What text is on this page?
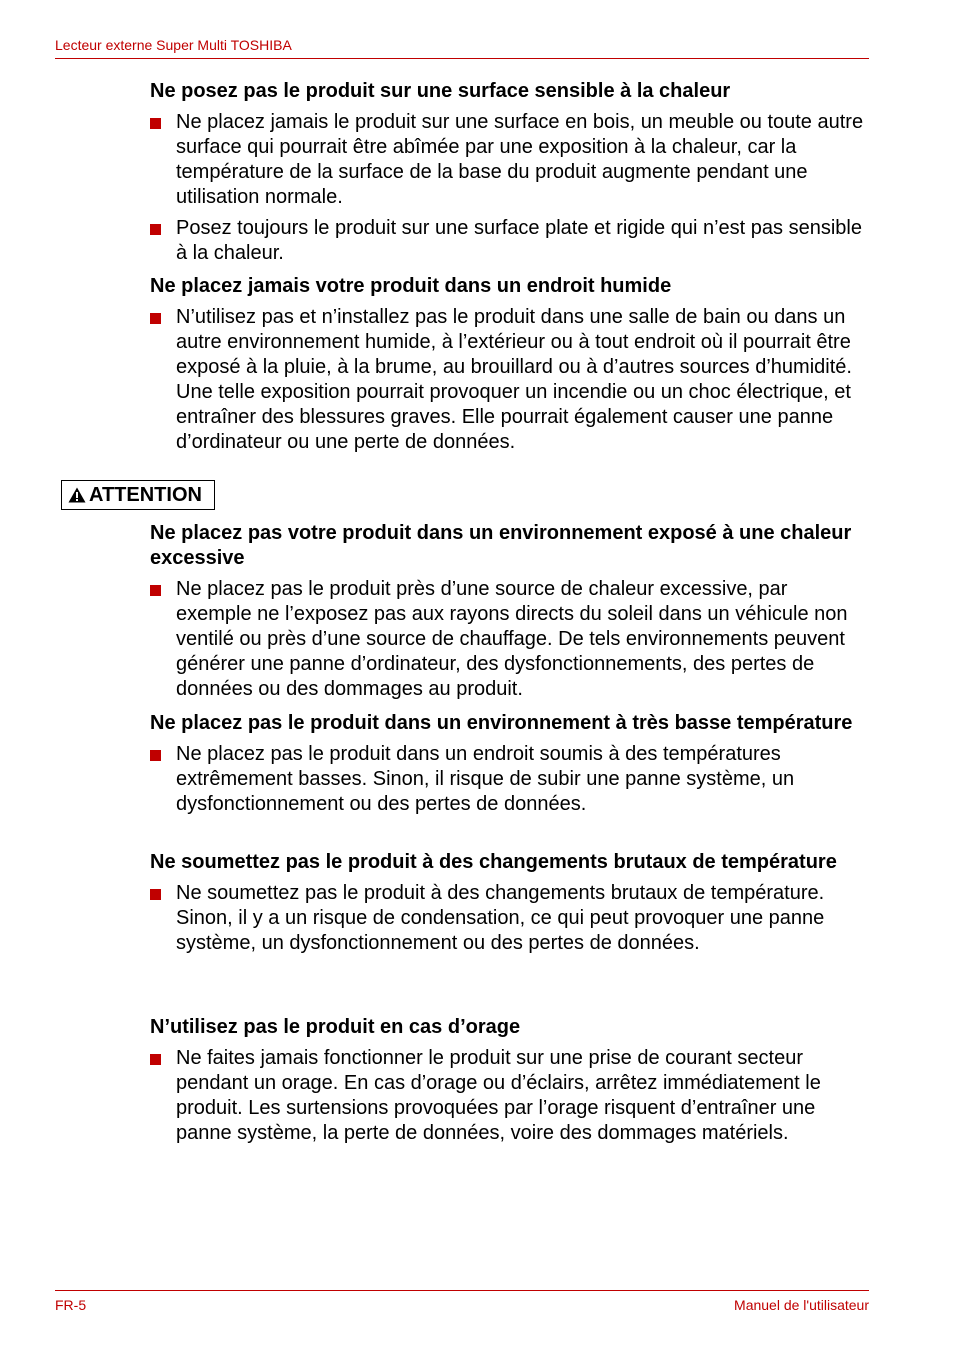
Lecteur externe Super Multi TOSHIBA

Ne posez pas le produit sur une surface sensible à la chaleur

Ne placez jamais le produit sur une surface en bois, un meuble ou toute autre surface qui pourrait être abîmée par une exposition à la chaleur, car la température de la surface de la base du produit augmente pendant une utilisation normale.

Posez toujours le produit sur une surface plate et rigide qui n’est pas sensible à la chaleur.

Ne placez jamais votre produit dans un endroit humide

N’utilisez pas et n’installez pas le produit dans une salle de bain ou dans un autre environnement humide, à l’extérieur ou à tout endroit où il pourrait être exposé à la pluie, à la brume, au brouillard ou à d’autres sources d’humidité. Une telle exposition pourrait provoquer un incendie ou un choc électrique, et entraîner des blessures graves. Elle pourrait également causer une panne d’ordinateur ou une perte de données.

ATTENTION

Ne placez pas votre produit dans un environnement exposé à une chaleur excessive

Ne placez pas le produit près d’une source de chaleur excessive, par exemple ne l’exposez pas aux rayons directs du soleil dans un véhicule non ventilé ou près d’une source de chauffage. De tels environnements peuvent générer une panne d’ordinateur, des dysfonctionnements, des pertes de données ou des dommages au produit.

Ne placez pas le produit dans un environnement à très basse température

Ne placez pas le produit dans un endroit soumis à des températures extrêmement basses. Sinon, il risque de subir une panne système, un dysfonctionnement ou des pertes de données.

Ne soumettez pas le produit à des changements brutaux de température

Ne soumettez pas le produit à des changements brutaux de température. Sinon, il y a un risque de condensation, ce qui peut provoquer une panne système, un dysfonctionnement ou des pertes de données.

N’utilisez pas le produit en cas d’orage

Ne faites jamais fonctionner le produit sur une prise de courant secteur pendant un orage. En cas d’orage ou d’éclairs, arrêtez immédiatement le produit. Les surtensions provoquées par l’orage risquent d’entraîner une panne système, la perte de données, voire des dommages matériels.

FR-5	Manuel de l'utilisateur
